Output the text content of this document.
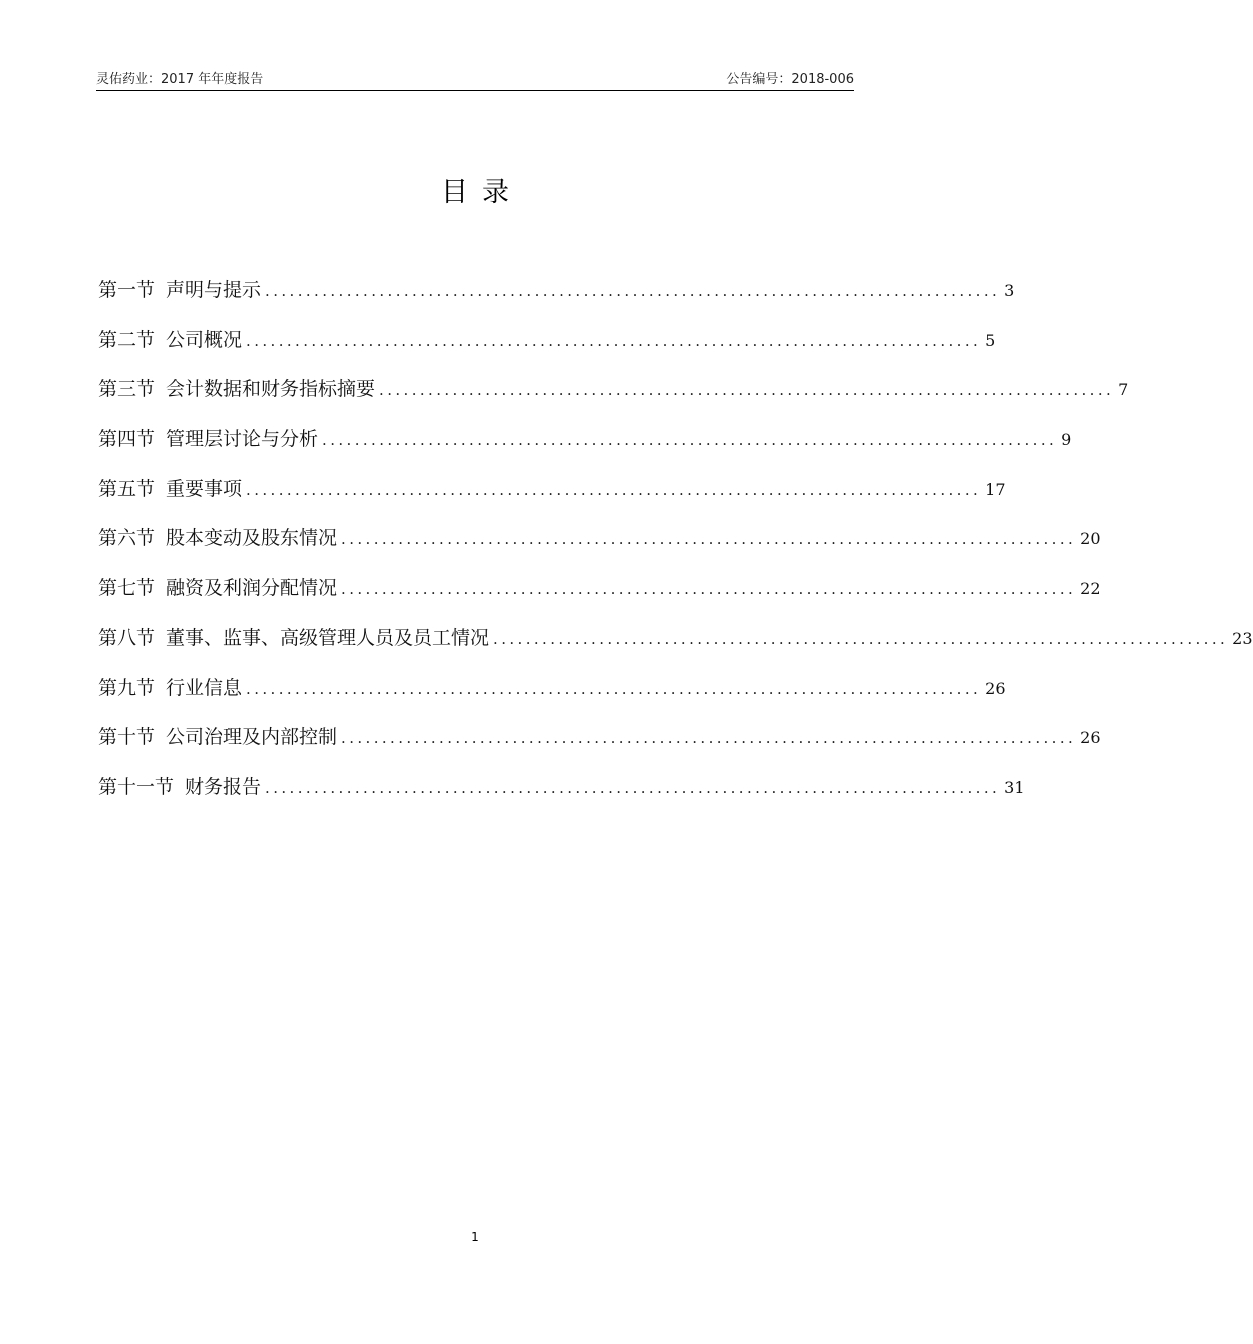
灵佑药业：2017 年年度报告	公告编号：2018-006
目录
第一节 声明与提示 .......................................................................................... 3
第二节 公司概况 .......................................................................................... 5
第三节 会计数据和财务指标摘要 .......................................................................................... 7
第四节 管理层讨论与分析 .......................................................................................... 9
第五节 重要事项 .......................................................................................... 17
第六节 股本变动及股东情况 .......................................................................................... 20
第七节 融资及利润分配情况 .......................................................................................... 22
第八节 董事、监事、高级管理人员及员工情况 .......................................................................................... 23
第九节 行业信息 .......................................................................................... 26
第十节 公司治理及内部控制 .......................................................................................... 26
第十一节 财务报告 .......................................................................................... 31
1
